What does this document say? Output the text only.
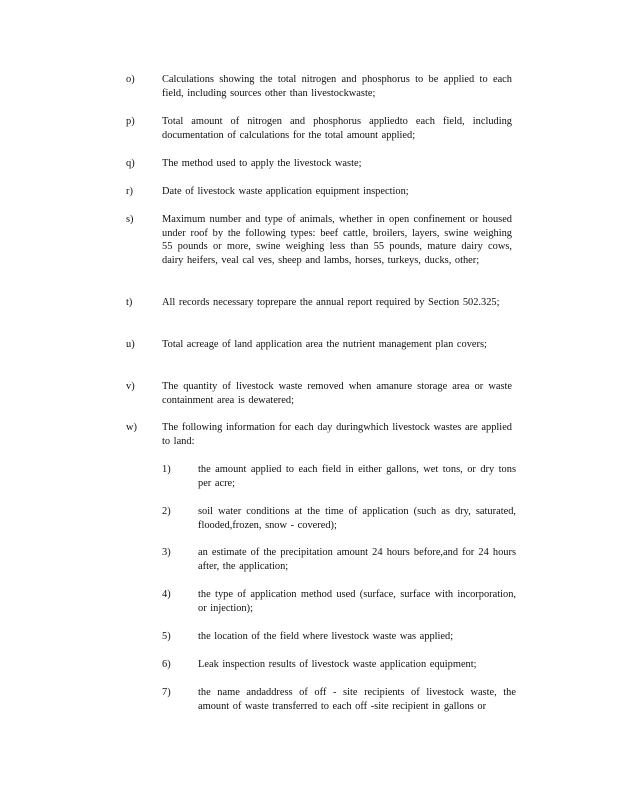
o)	Calculations showing the total nitrogen and phosphorus to be applied to each field, including sources other than livestockwaste;
p)	Total amount of nitrogen and phosphorus appliedto each field, including documentation of calculations for the total amount applied;
q)	The method used to apply the livestock waste;
r)	Date of livestock waste application equipment inspection;
s)	Maximum number and type of animals, whether in open confinement or housed under roof by the following types: beef cattle, broilers, layers, swine weighing 55 pounds or more, swine weighing less than 55 pounds, mature dairy cows, dairy heifers, veal cal ves, sheep and lambs, horses, turkeys, ducks, other;
t)	All records necessary toprepare the annual report required by Section 502.325;
u)	Total acreage of land application area the nutrient management plan covers;
v)	The quantity of livestock waste removed when amanure storage area or waste containment area is dewatered;
w) The following information for each day duringwhich livestock wastes are applied to land:
1)	the amount applied to each field in either gallons, wet tons, or dry tons per acre;
2)	soil water conditions at the time of application (such as dry, saturated, flooded,frozen, snow - covered);
3)	an estimate of the precipitation amount 24 hours before,and for 24 hours after, the application;
4)	the type of application method used (surface, surface with incorporation, or injection);
5)	the location of the field where livestock waste was applied;
6)	Leak inspection results of livestock waste application equipment;
7)	the name andaddress of off - site recipients of livestock waste, the amount of waste transferred to each off -site recipient in gallons or
